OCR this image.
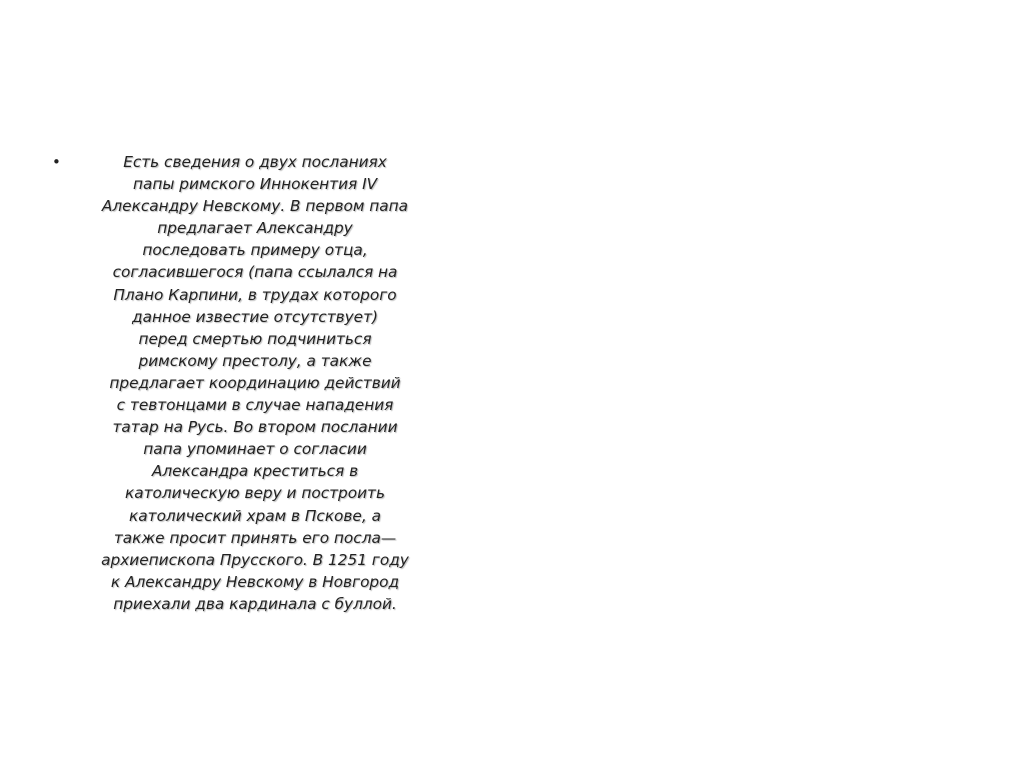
•	Есть сведения о двух посланиях
папы римского Иннокентия IV
Александру Невскому. В первом папа
предлагает Александру
последовать примеру отца,
согласившегося (папа ссылался на
Плано Карпини, в трудах которого
данное известие отсутствует)
перед смертью подчиниться
римскому престолу, а также
предлагает координацию действий
с тевтонцами в случае нападения
татар на Русь. Во втором послании
папа упоминает о согласии
Александра креститься в
католическую веру и построить
католический храм в Пскове, а
также просит принять его посла—
архиепископа Прусского. В 1251 году
к Александру Невскому в Новгород
приехали два кардинала с буллой.
